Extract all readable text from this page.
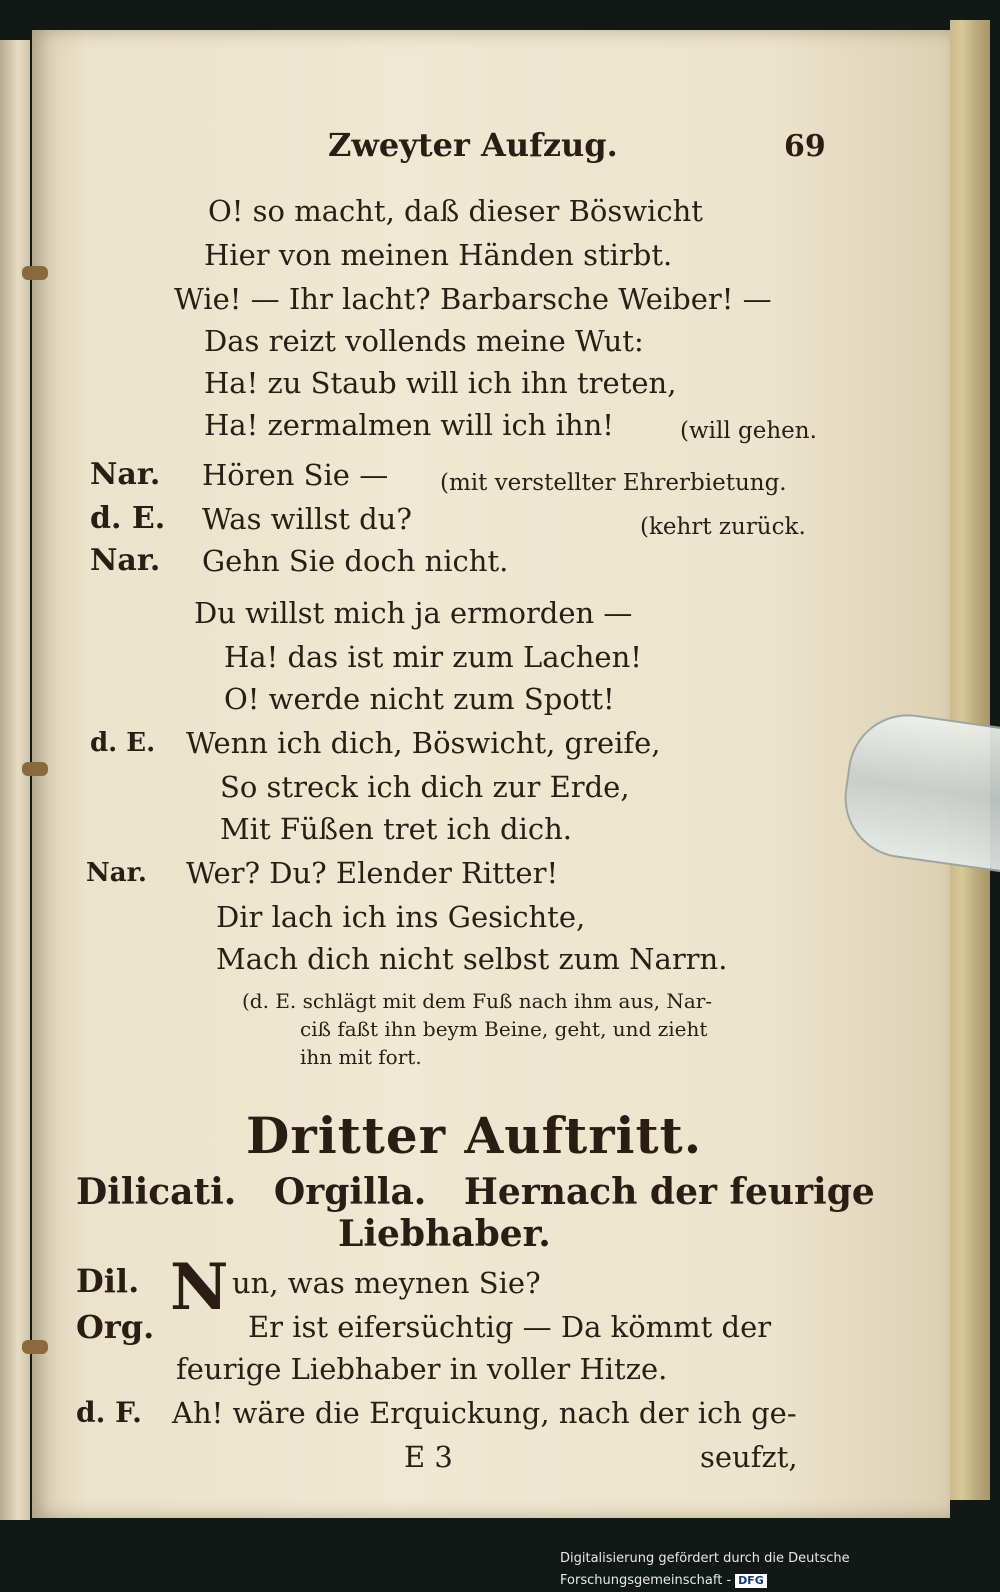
Zweyter Aufzug.	69
O! so macht, daß dieser Böswicht
Hier von meinen Händen stirbt.
Wie! — Ihr lacht? Barbarsche Weiber! —
Das reizt vollends meine Wut:
Ha! zu Staub will ich ihn treten,
Ha! zermalmen will ich ihn!	(will gehen.
Nar. Hören Sie — (mit verstellter Ehrerbietung.
d. E. Was willst du?	(kehrt zurück.
Nar. Gehn Sie doch nicht.
Du willst mich ja ermorden —
Ha! das ist mir zum Lachen!
O! werde nicht zum Spott!
d. E. Wenn ich dich, Böswicht, greife,
So streck ich dich zur Erde,
Mit Füßen tret ich dich.
Nar. Wer? Du? Elender Ritter!
Dir lach ich ins Gesichte,
Mach dich nicht selbst zum Narrn.
(d. E. schlägt mit dem Fuß nach ihm aus, Nar-
ciß faßt ihn beym Beine, geht, und zieht
ihn mit fort.
Dritter Auftritt.
Dilicati.   Orgilla.   Hernach der feurige
Liebhaber.
Dil. N un, was meynen Sie?
Org.	Er ist eifersüchtig — Da kömmt der
feurige Liebhaber in voller Hitze.
d. F. Ah! wäre die Erquickung, nach der ich ge-
E 3	seufzt,
Digitalisierung gefördert durch die Deutsche Forschungsgemeinschaft - DFG
